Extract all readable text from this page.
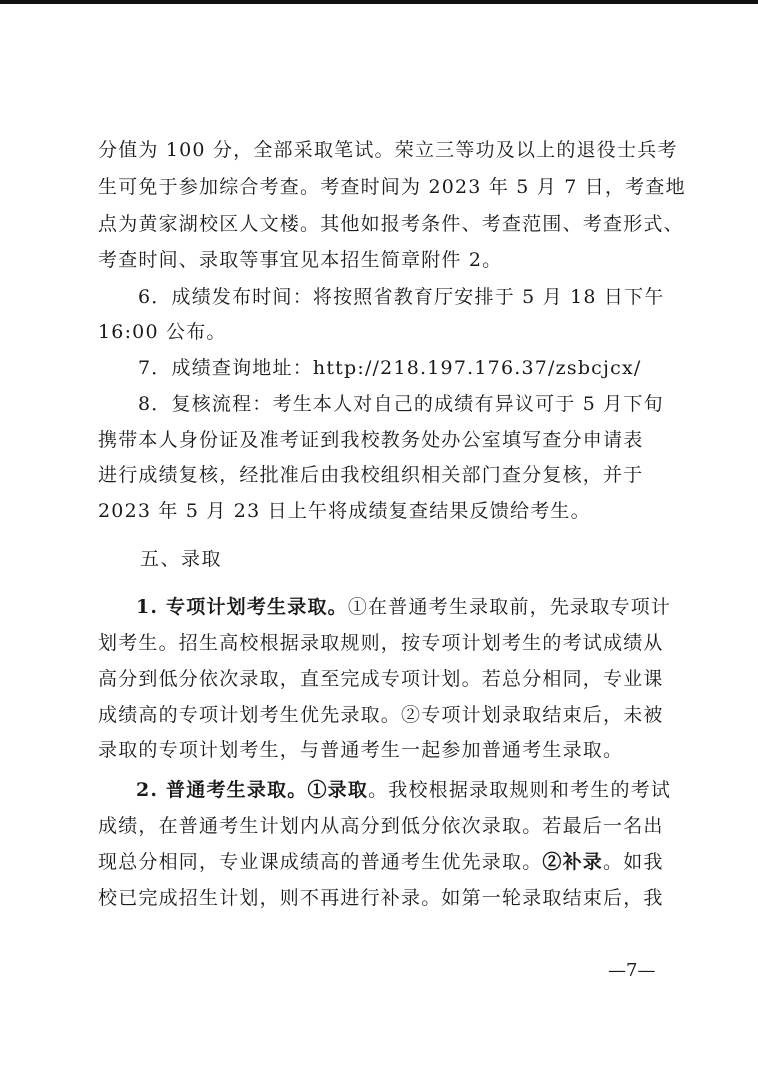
分值为 100 分，全部采取笔试。荣立三等功及以上的退役士兵考
生可免于参加综合考查。考查时间为 2023 年 5 月 7 日，考查地
点为黄家湖校区人文楼。其他如报考条件、考查范围、考查形式、
考查时间、录取等事宜见本招生简章附件 2。
6．成绩发布时间：将按照省教育厅安排于 5 月 18 日下午
16:00 公布。
7．成绩查询地址：http://218.197.176.37/zsbcjcx/
8．复核流程：考生本人对自己的成绩有异议可于 5 月下旬
携带本人身份证及准考证到我校教务处办公室填写查分申请表
进行成绩复核，经批准后由我校组织相关部门查分复核，并于
2023 年 5 月 23 日上午将成绩复查结果反馈给考生。
五、录取
1. 专项计划考生录取。①在普通考生录取前，先录取专项计
划考生。招生高校根据录取规则，按专项计划考生的考试成绩从
高分到低分依次录取，直至完成专项计划。若总分相同，专业课
成绩高的专项计划考生优先录取。②专项计划录取结束后，未被
录取的专项计划考生，与普通考生一起参加普通考生录取。
2. 普通考生录取。①录取。我校根据录取规则和考生的考试
成绩，在普通考生计划内从高分到低分依次录取。若最后一名出
现总分相同，专业课成绩高的普通考生优先录取。②补录。如我
校已完成招生计划，则不再进行补录。如第一轮录取结束后，我
—7—
